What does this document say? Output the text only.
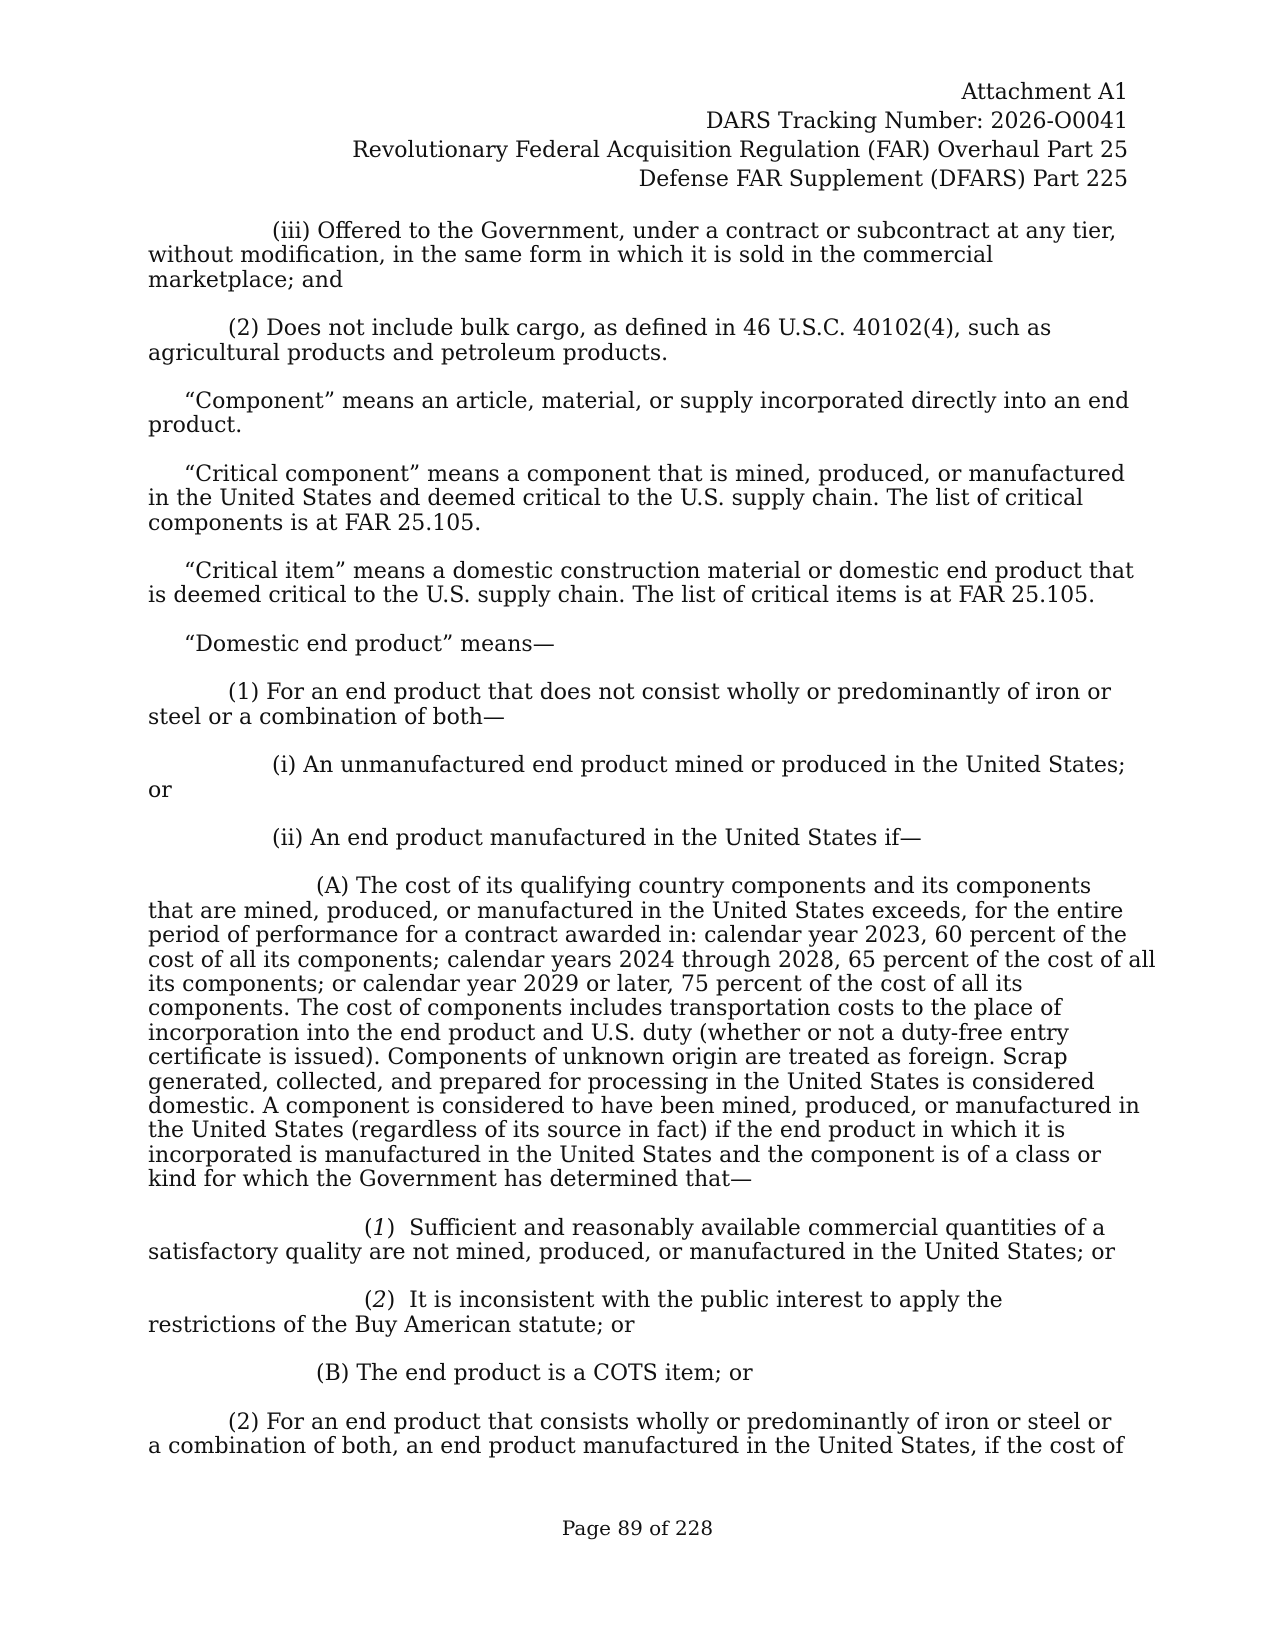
Attachment A1
DARS Tracking Number: 2026-O0041
Revolutionary Federal Acquisition Regulation (FAR) Overhaul Part 25
Defense FAR Supplement (DFARS) Part 225

(iii) Offered to the Government, under a contract or subcontract at any tier,
without modification, in the same form in which it is sold in the commercial
marketplace; and

(2) Does not include bulk cargo, as defined in 46 U.S.C. 40102(4), such as
agricultural products and petroleum products.

“Component” means an article, material, or supply incorporated directly into an end
product.

“Critical component” means a component that is mined, produced, or manufactured
in the United States and deemed critical to the U.S. supply chain. The list of critical
components is at FAR 25.105.

“Critical item” means a domestic construction material or domestic end product that
is deemed critical to the U.S. supply chain. The list of critical items is at FAR 25.105.

“Domestic end product” means—

(1) For an end product that does not consist wholly or predominantly of iron or
steel or a combination of both—

(i) An unmanufactured end product mined or produced in the United States;
or

(ii) An end product manufactured in the United States if—

(A) The cost of its qualifying country components and its components
that are mined, produced, or manufactured in the United States exceeds, for the entire
period of performance for a contract awarded in: calendar year 2023, 60 percent of the
cost of all its components; calendar years 2024 through 2028, 65 percent of the cost of all
its components; or calendar year 2029 or later, 75 percent of the cost of all its
components. The cost of components includes transportation costs to the place of
incorporation into the end product and U.S. duty (whether or not a duty-free entry
certificate is issued). Components of unknown origin are treated as foreign. Scrap
generated, collected, and prepared for processing in the United States is considered
domestic. A component is considered to have been mined, produced, or manufactured in
the United States (regardless of its source in fact) if the end product in which it is
incorporated is manufactured in the United States and the component is of a class or
kind for which the Government has determined that—

(1)  Sufficient and reasonably available commercial quantities of a
satisfactory quality are not mined, produced, or manufactured in the United States; or

(2)  It is inconsistent with the public interest to apply the
restrictions of the Buy American statute; or

(B) The end product is a COTS item; or

(2) For an end product that consists wholly or predominantly of iron or steel or
a combination of both, an end product manufactured in the United States, if the cost of

Page 89 of 228
